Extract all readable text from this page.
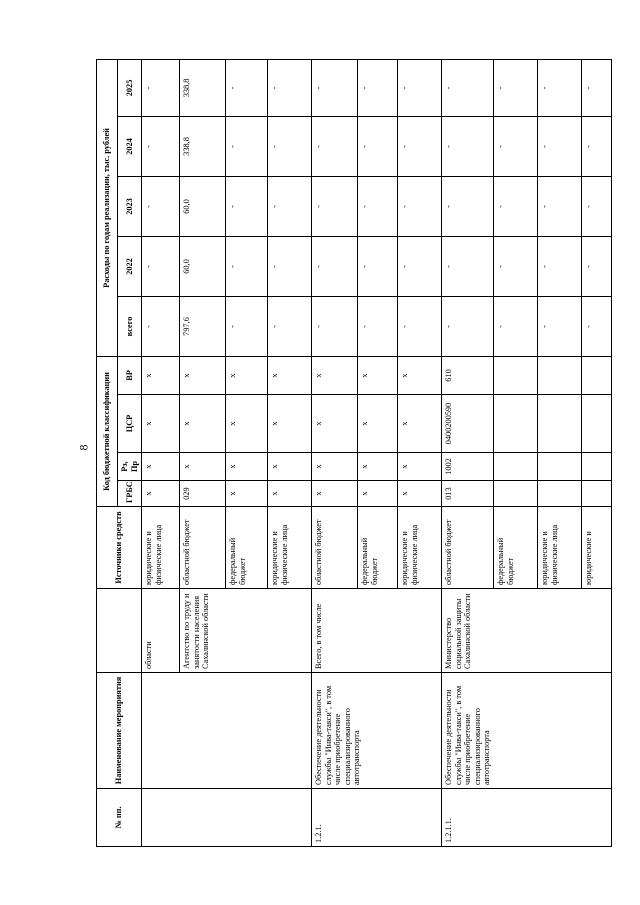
8
№ пп.	Наименование мероприятия		Источники средств	Код бюджетной классификации				Расходы по годам реализации, тыс. рублей				
				ГРБС	Рз, Пр	ЦСР	ВР	всего	2022	2023	2024	2025
		области	юридические и физические лица	x	x	x	x	-	-	-	-	-
		Агентство по труду и занятости населения Сахалинской области	областной бюджет	029	x	x	x	797,6	60,0	60,0	338,8	338,8
			федеральный бюджет	x	x	x	x	-	-	-	-	-
			юридические и физические лица	x	x	x	x	-	-	-	-	-
1.2.1.	Обеспечение деятельности службы "Инва-такси", в том числе приобретение специализированного автотранспорта	Всего, в том числе	областной бюджет	x	x	x	x	-	-	-	-	-
			федеральный бюджет	x	x	x	x	-	-	-	-	-
			юридические и физические лица	x	x	x	x	-	-	-	-	-
1.2.1.1.	Обеспечение деятельности службы "Инва-такси", в том числе приобретение специализированного автотранспорта	Министерство социальной защиты Сахалинской области	областной бюджет	013	1002	0400200590	610	-	-	-	-	-
			федеральный бюджет					-	-	-	-	-
			юридические и физические лица					-	-	-	-	-
			юридические и					-	-	-	-	-
